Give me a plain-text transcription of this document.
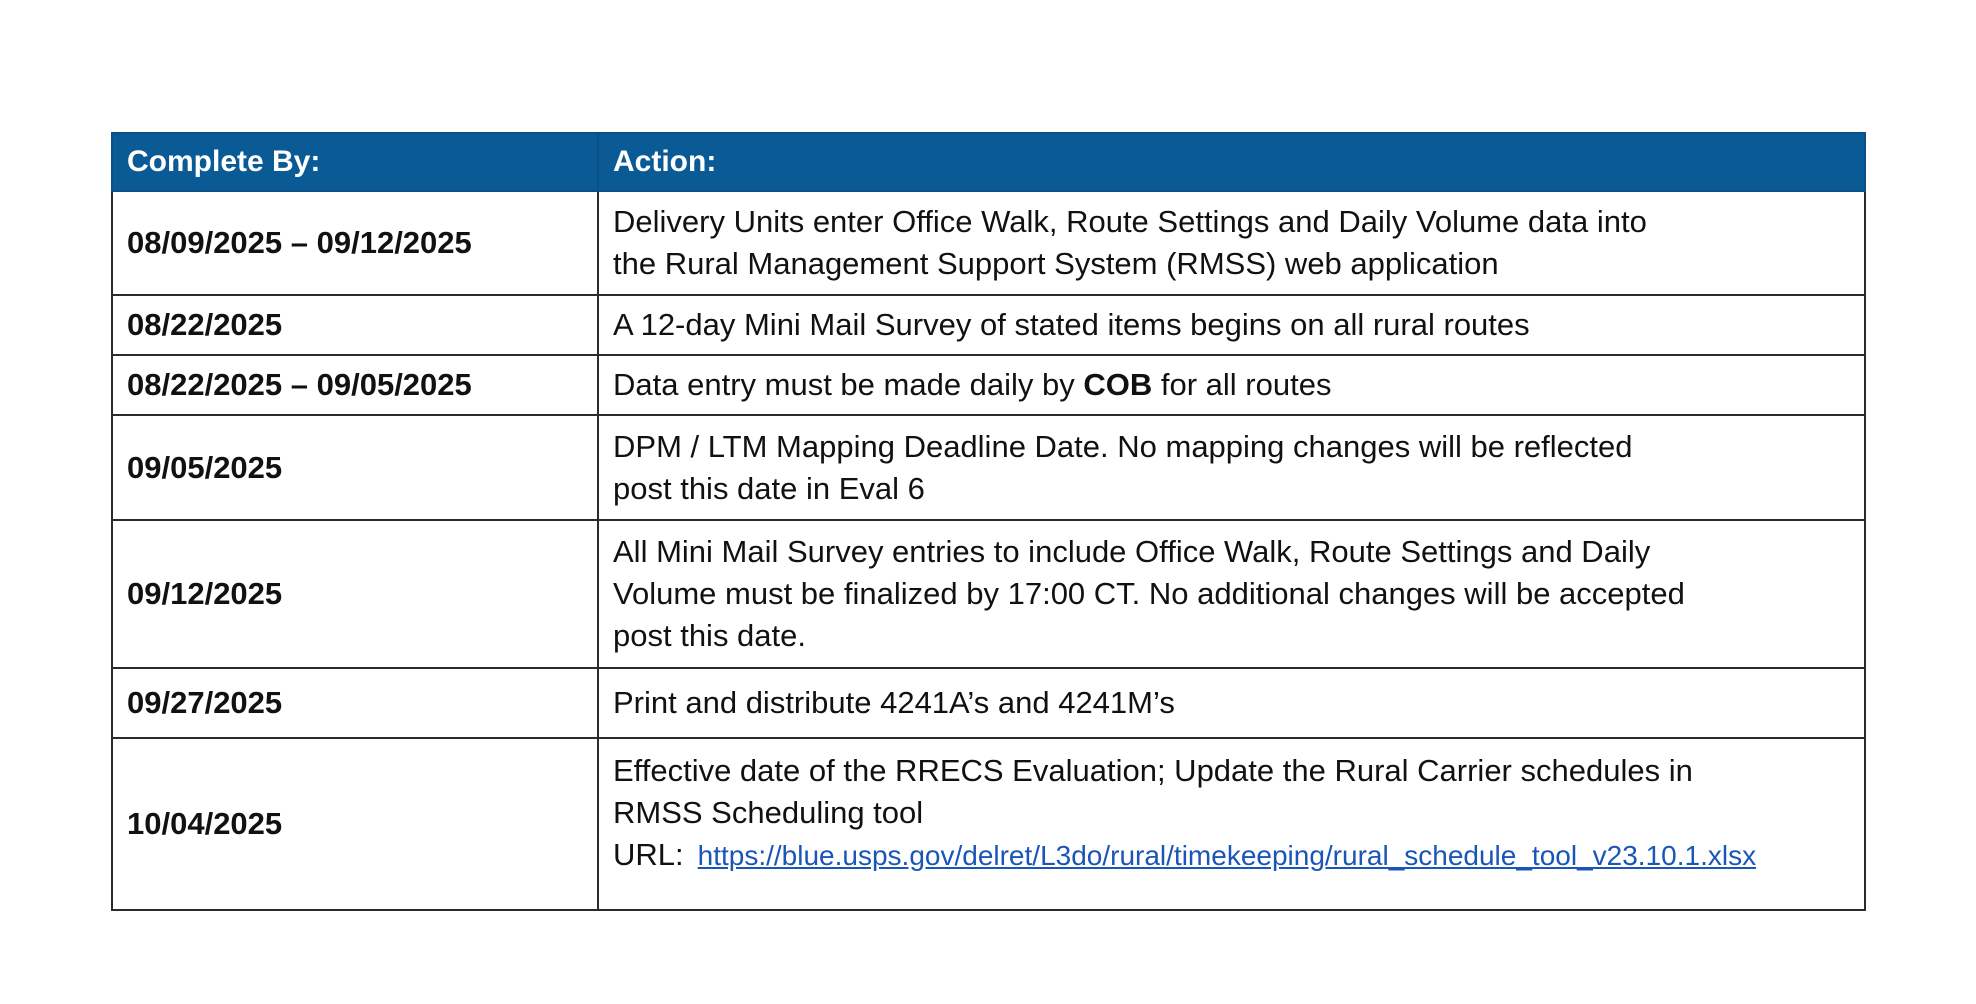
Complete By:	Action:
08/09/2025 – 09/12/2025	Delivery Units enter Office Walk, Route Settings and Daily Volume data into
the Rural Management Support System (RMSS) web application

08/22/2025	A 12-day Mini Mail Survey of stated items begins on all rural routes

08/22/2025 – 09/05/2025	Data entry must be made daily by COB for all routes
09/05/2025	DPM / LTM Mapping Deadline Date. No mapping changes will be reflected
post this date in Eval 6

09/12/2025	All Mini Mail Survey entries to include Office Walk, Route Settings and Daily
Volume must be finalized by 17:00 CT. No additional changes will be accepted
post this date.

09/27/2025	Print and distribute 4241A’s and 4241M’s

10/04/2025	Effective date of the RRECS Evaluation; Update the Rural Carrier schedules in
RMSS Scheduling tool
URL: https://blue.usps.gov/delret/L3do/rural/timekeeping/rural_schedule_tool_v23.10.1.xlsx
